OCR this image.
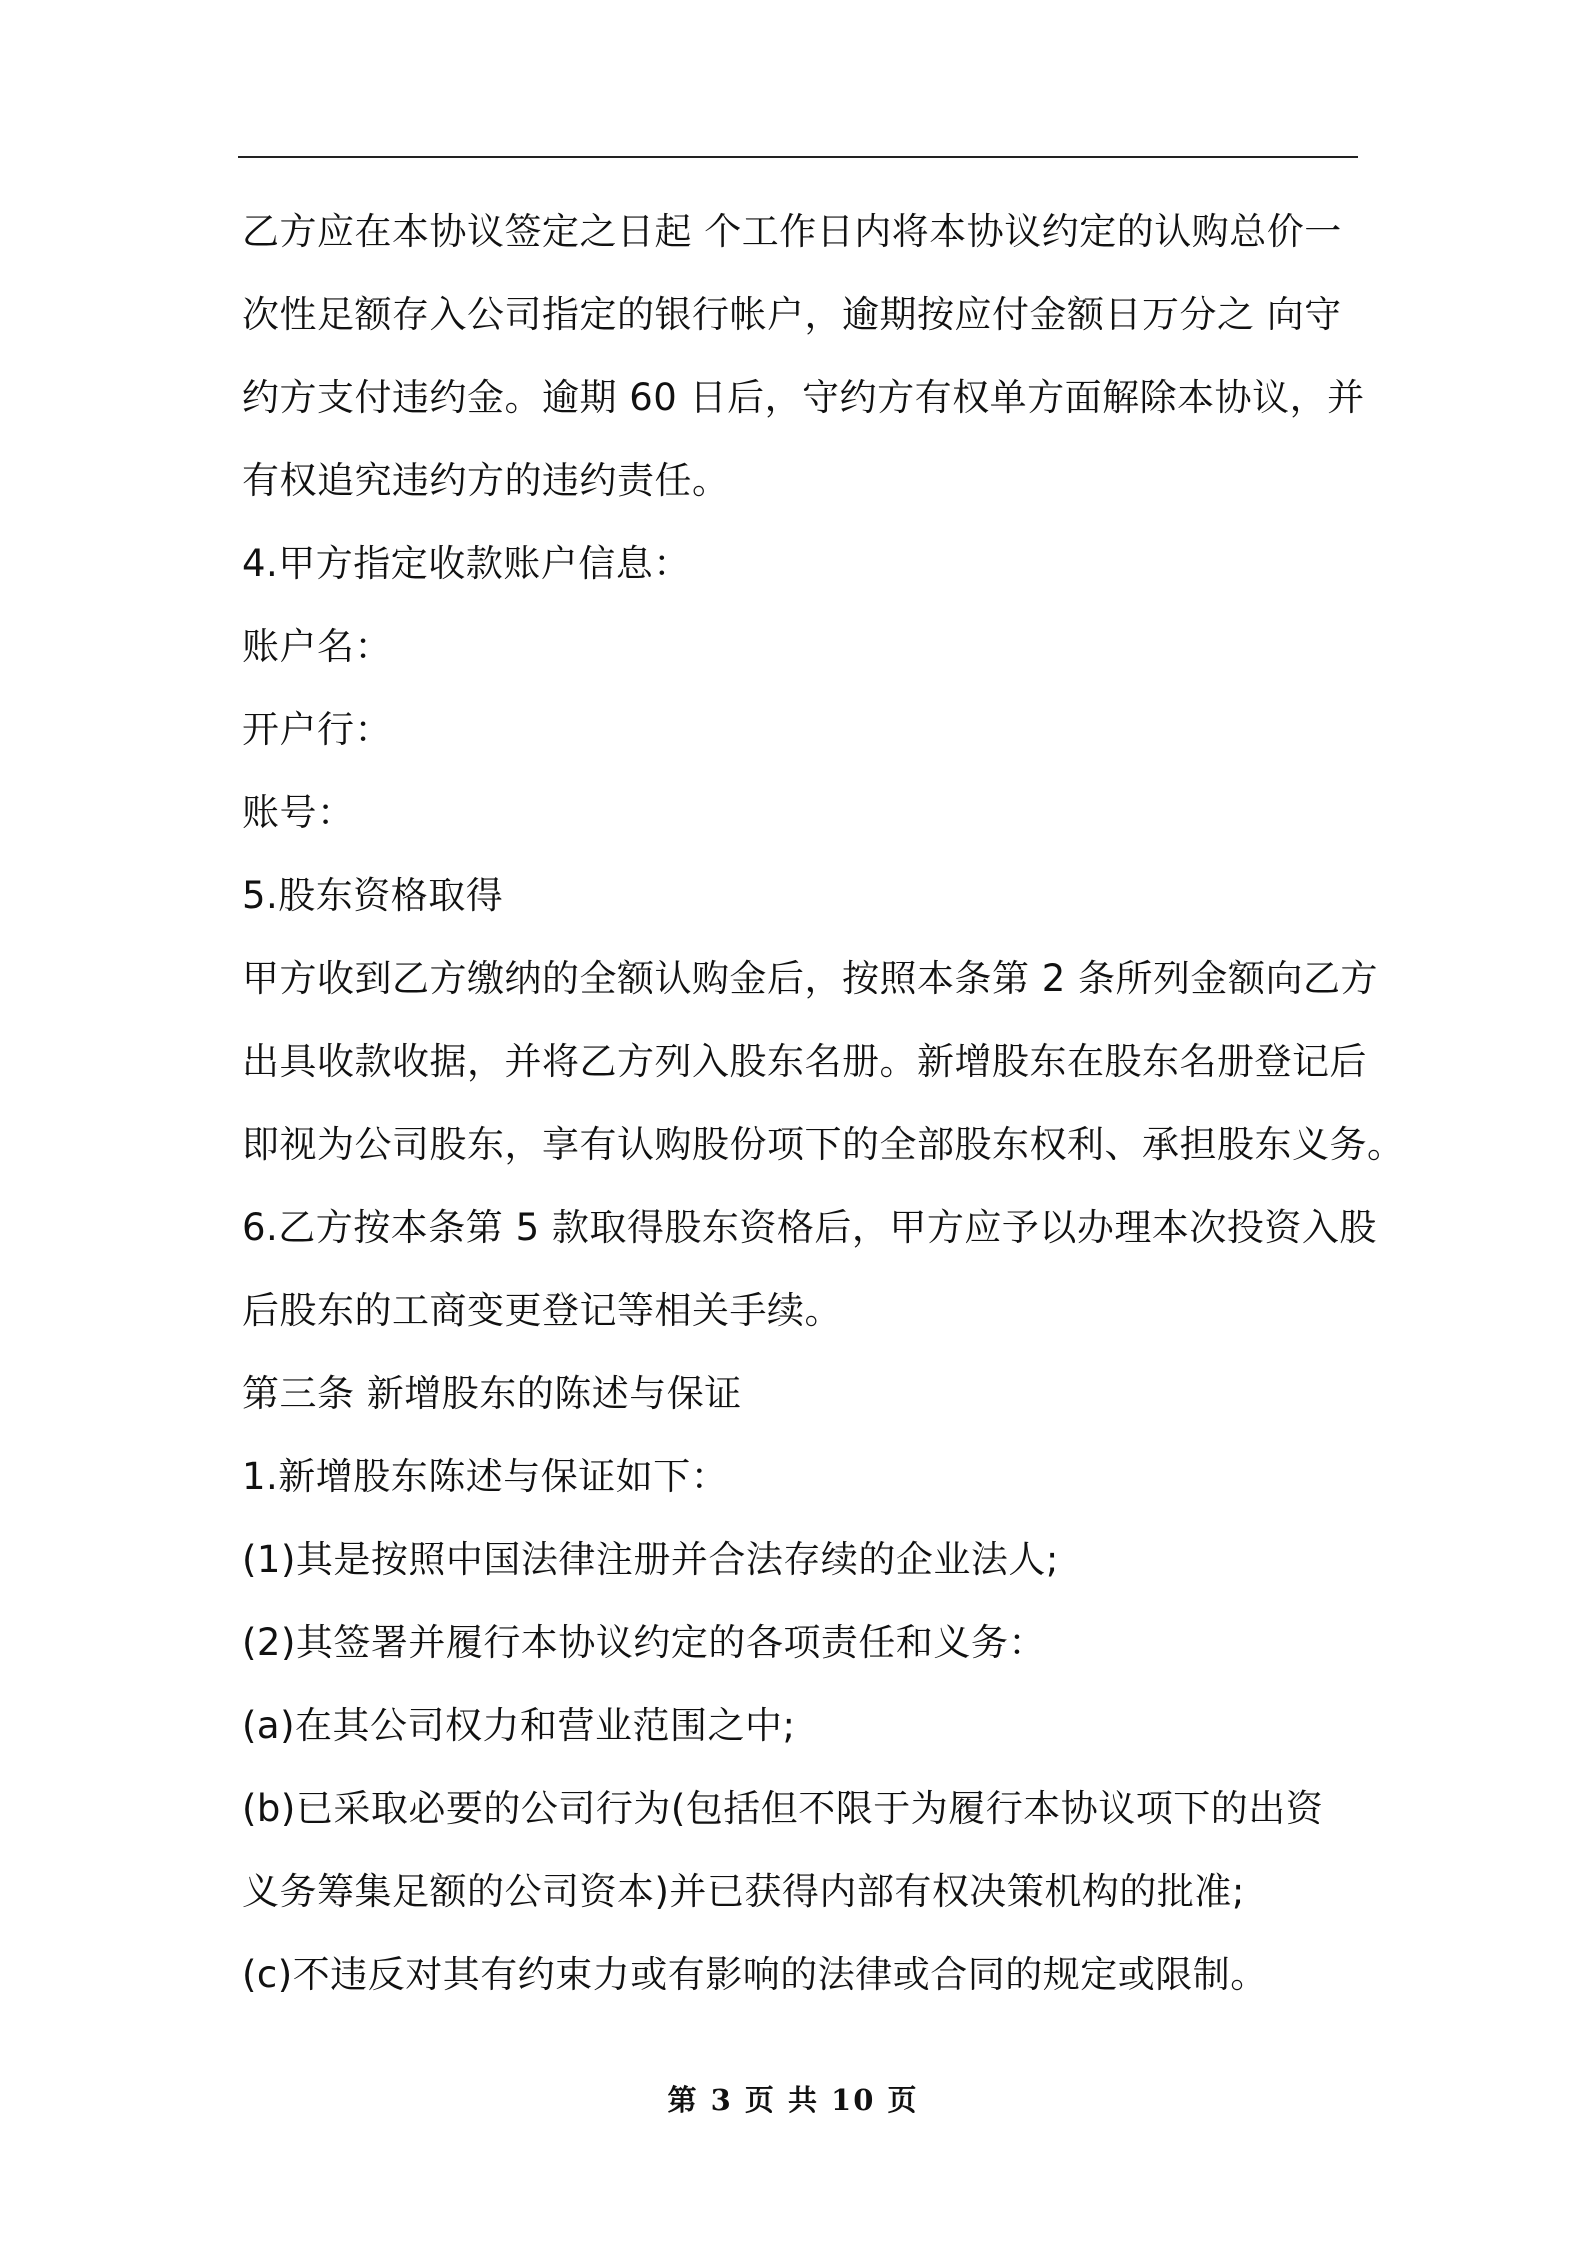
乙方应在本协议签定之日起 个工作日内将本协议约定的认购总价一
次性足额存入公司指定的银行帐户，逾期按应付金额日万分之 向守
约方支付违约金。逾期 60 日后，守约方有权单方面解除本协议，并
有权追究违约方的违约责任。
4.甲方指定收款账户信息：
账户名：
开户行：
账号：
5.股东资格取得
甲方收到乙方缴纳的全额认购金后，按照本条第 2 条所列金额向乙方
出具收款收据，并将乙方列入股东名册。新增股东在股东名册登记后
即视为公司股东，享有认购股份项下的全部股东权利、承担股东义务。
6.乙方按本条第 5 款取得股东资格后，甲方应予以办理本次投资入股
后股东的工商变更登记等相关手续。
第三条 新增股东的陈述与保证
1.新增股东陈述与保证如下：
(1)其是按照中国法律注册并合法存续的企业法人;
(2)其签署并履行本协议约定的各项责任和义务：
(a)在其公司权力和营业范围之中;
(b)已采取必要的公司行为(包括但不限于为履行本协议项下的出资
义务筹集足额的公司资本)并已获得内部有权决策机构的批准;
(c)不违反对其有约束力或有影响的法律或合同的规定或限制。
第 3 页 共 10 页
